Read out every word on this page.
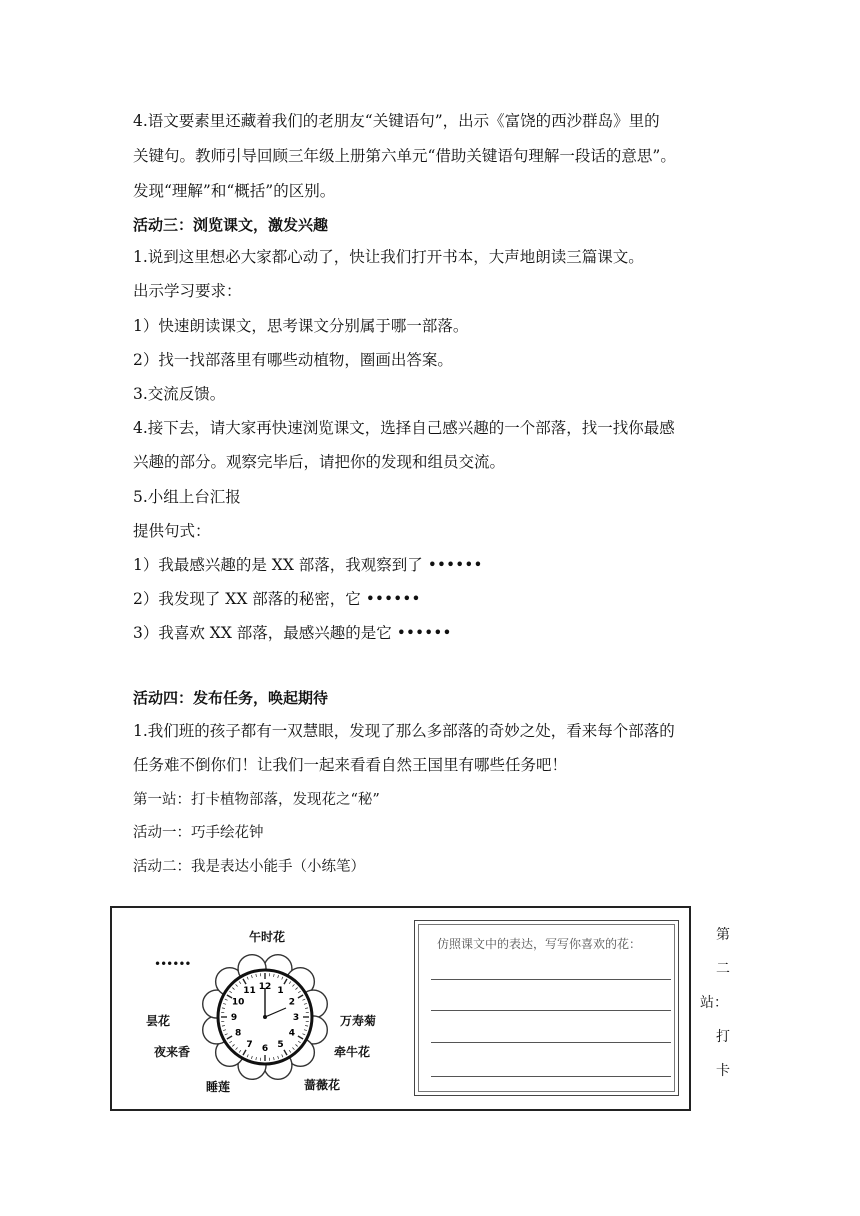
4.语文要素里还藏着我们的老朋友“关键语句”，出示《富饶的西沙群岛》里的
关键句。教师引导回顾三年级上册第六单元“借助关键语句理解一段话的意思”。
发现“理解”和“概括”的区别。
活动三：浏览课文，激发兴趣
1.说到这里想必大家都心动了，快让我们打开书本，大声地朗读三篇课文。
出示学习要求：
1）快速朗读课文，思考课文分别属于哪一部落。
2）找一找部落里有哪些动植物，圈画出答案。
3.交流反馈。
4.接下去，请大家再快速浏览课文，选择自己感兴趣的一个部落，找一找你最感
兴趣的部分。观察完毕后，请把你的发现和组员交流。
5.小组上台汇报
提供句式：
1）我最感兴趣的是 XX 部落，我观察到了 ••••••
2）我发现了 XX 部落的秘密，它 ••••••
3）我喜欢 XX 部落，最感兴趣的是它 ••••••
活动四：发布任务，唤起期待
1.我们班的孩子都有一双慧眼，发现了那么多部落的奇妙之处，看来每个部落的
任务难不倒你们！让我们一起来看看自然王国里有哪些任务吧！
第一站：打卡植物部落，发现花之“秘”
活动一：巧手绘花钟
活动二：我是表达小能手（小练笔）
12 1
2
3
4
5
6
7
8
9
10
11
午时花
••••••
昙花
夜来香
睡莲	蔷薇花
万寿菊
牵牛花
仿照课文中的表达，写写你喜欢的花：
第
二
站：
打
卡
